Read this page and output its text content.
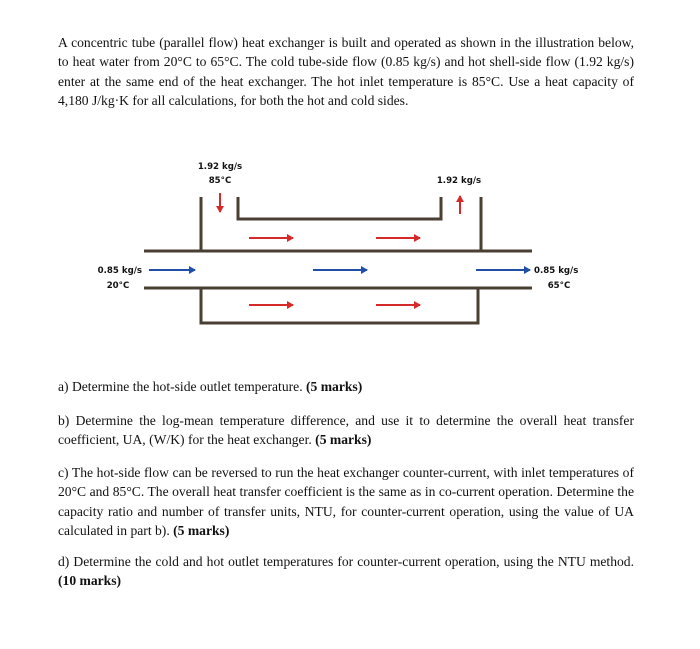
A concentric tube (parallel flow) heat exchanger is built and operated as shown in the illustration below, to heat water from 20°C to 65°C. The cold tube-side flow (0.85 kg/s) and hot shell-side flow (1.92 kg/s) enter at the same end of the heat exchanger. The hot inlet temperature is 85°C. Use a heat capacity of 4,180 J/kg·K for all calculations, for both the hot and cold sides.

1.92 kg/s
85°C	1.92 kg/s
0.85 kg/s
20°C
0.85 kg/s
65°C

a) Determine the hot-side outlet temperature. (5 marks)

b) Determine the log-mean temperature difference, and use it to determine the overall heat transfer coefficient, UA, (W/K) for the heat exchanger. (5 marks)

c) The hot-side flow can be reversed to run the heat exchanger counter-current, with inlet temperatures of 20°C and 85°C. The overall heat transfer coefficient is the same as in co-current operation. Determine the capacity ratio and number of transfer units, NTU, for counter-current operation, using the value of UA calculated in part b). (5 marks)

d) Determine the cold and hot outlet temperatures for counter-current operation, using the NTU method. (10 marks)
